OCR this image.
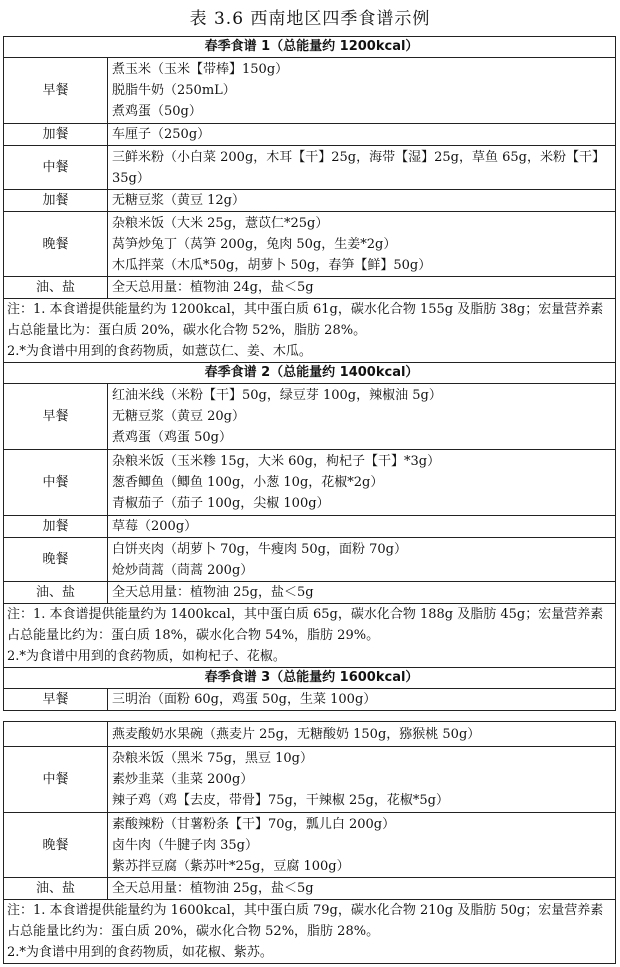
表 3.6 西南地区四季食谱示例
春季食谱 1（总能量约 1200kcal）	
早餐	煮玉米（玉米【带棒】150g）
脱脂牛奶（250mL）
煮鸡蛋（50g）

加餐	车厘子（250g）

中餐	三鲜米粉（小白菜 200g，木耳【干】25g，海带【湿】25g，草鱼 65g，米粉【干】35g）

加餐	无糖豆浆（黄豆 12g）

晚餐	杂粮米饭（大米 25g，薏苡仁*25g）
莴笋炒兔丁（莴笋 200g，兔肉 50g，生姜*2g）
木瓜拌菜（木瓜*50g，胡萝卜 50g，春笋【鲜】50g）

油、盐	全天总用量：植物油 24g，盐＜5g

注：1. 本食谱提供能量约为 1200kcal，其中蛋白质 61g，碳水化合物 155g 及脂肪 38g；宏量营养素占总能量比为：蛋白质 20%，碳水化合物 52%，脂肪 28%。
2.*为食谱中用到的食药物质，如薏苡仁、姜、木瓜。	

春季食谱 2（总能量约 1400kcal）	
早餐	红油米线（米粉【干】50g，绿豆芽 100g，辣椒油 5g）
无糖豆浆（黄豆 20g）
煮鸡蛋（鸡蛋 50g）

中餐	杂粮米饭（玉米糁 15g，大米 60g，枸杞子【干】*3g）
葱香鲫鱼（鲫鱼 100g，小葱 10g，花椒*2g）
青椒茄子（茄子 100g，尖椒 100g）

加餐	草莓（200g）

晚餐	白饼夹肉（胡萝卜 70g，牛瘦肉 50g，面粉 70g）
炝炒茼蒿（茼蒿 200g）

油、盐	全天总用量：植物油 25g，盐＜5g

注：1. 本食谱提供能量约为 1400kcal，其中蛋白质 65g，碳水化合物 188g 及脂肪 45g；宏量营养素占总能量比约为：蛋白质 18%，碳水化合物 54%，脂肪 29%。
2.*为食谱中用到的食药物质，如枸杞子、花椒。	

春季食谱 3（总能量约 1600kcal）	
早餐	三明治（面粉 60g，鸡蛋 50g，生菜 100g）

	燕麦酸奶水果碗（燕麦片 25g，无糖酸奶 150g，猕猴桃 50g）

中餐	杂粮米饭（黑米 75g，黑豆 10g）
素炒韭菜（韭菜 200g）
辣子鸡（鸡【去皮，带骨】75g，干辣椒 25g，花椒*5g）

晚餐	素酸辣粉（甘薯粉条【干】70g，瓢儿白 200g）
卤牛肉（牛腱子肉 35g）
紫苏拌豆腐（紫苏叶*25g，豆腐 100g）

油、盐	全天总用量：植物油 25g，盐＜5g

注：1. 本食谱提供能量约为 1600kcal，其中蛋白质 79g，碳水化合物 210g 及脂肪 50g；宏量营养素占总能量比约为：蛋白质 20%，碳水化合物 52%，脂肪 28%。
2.*为食谱中用到的食药物质，如花椒、紫苏。	
